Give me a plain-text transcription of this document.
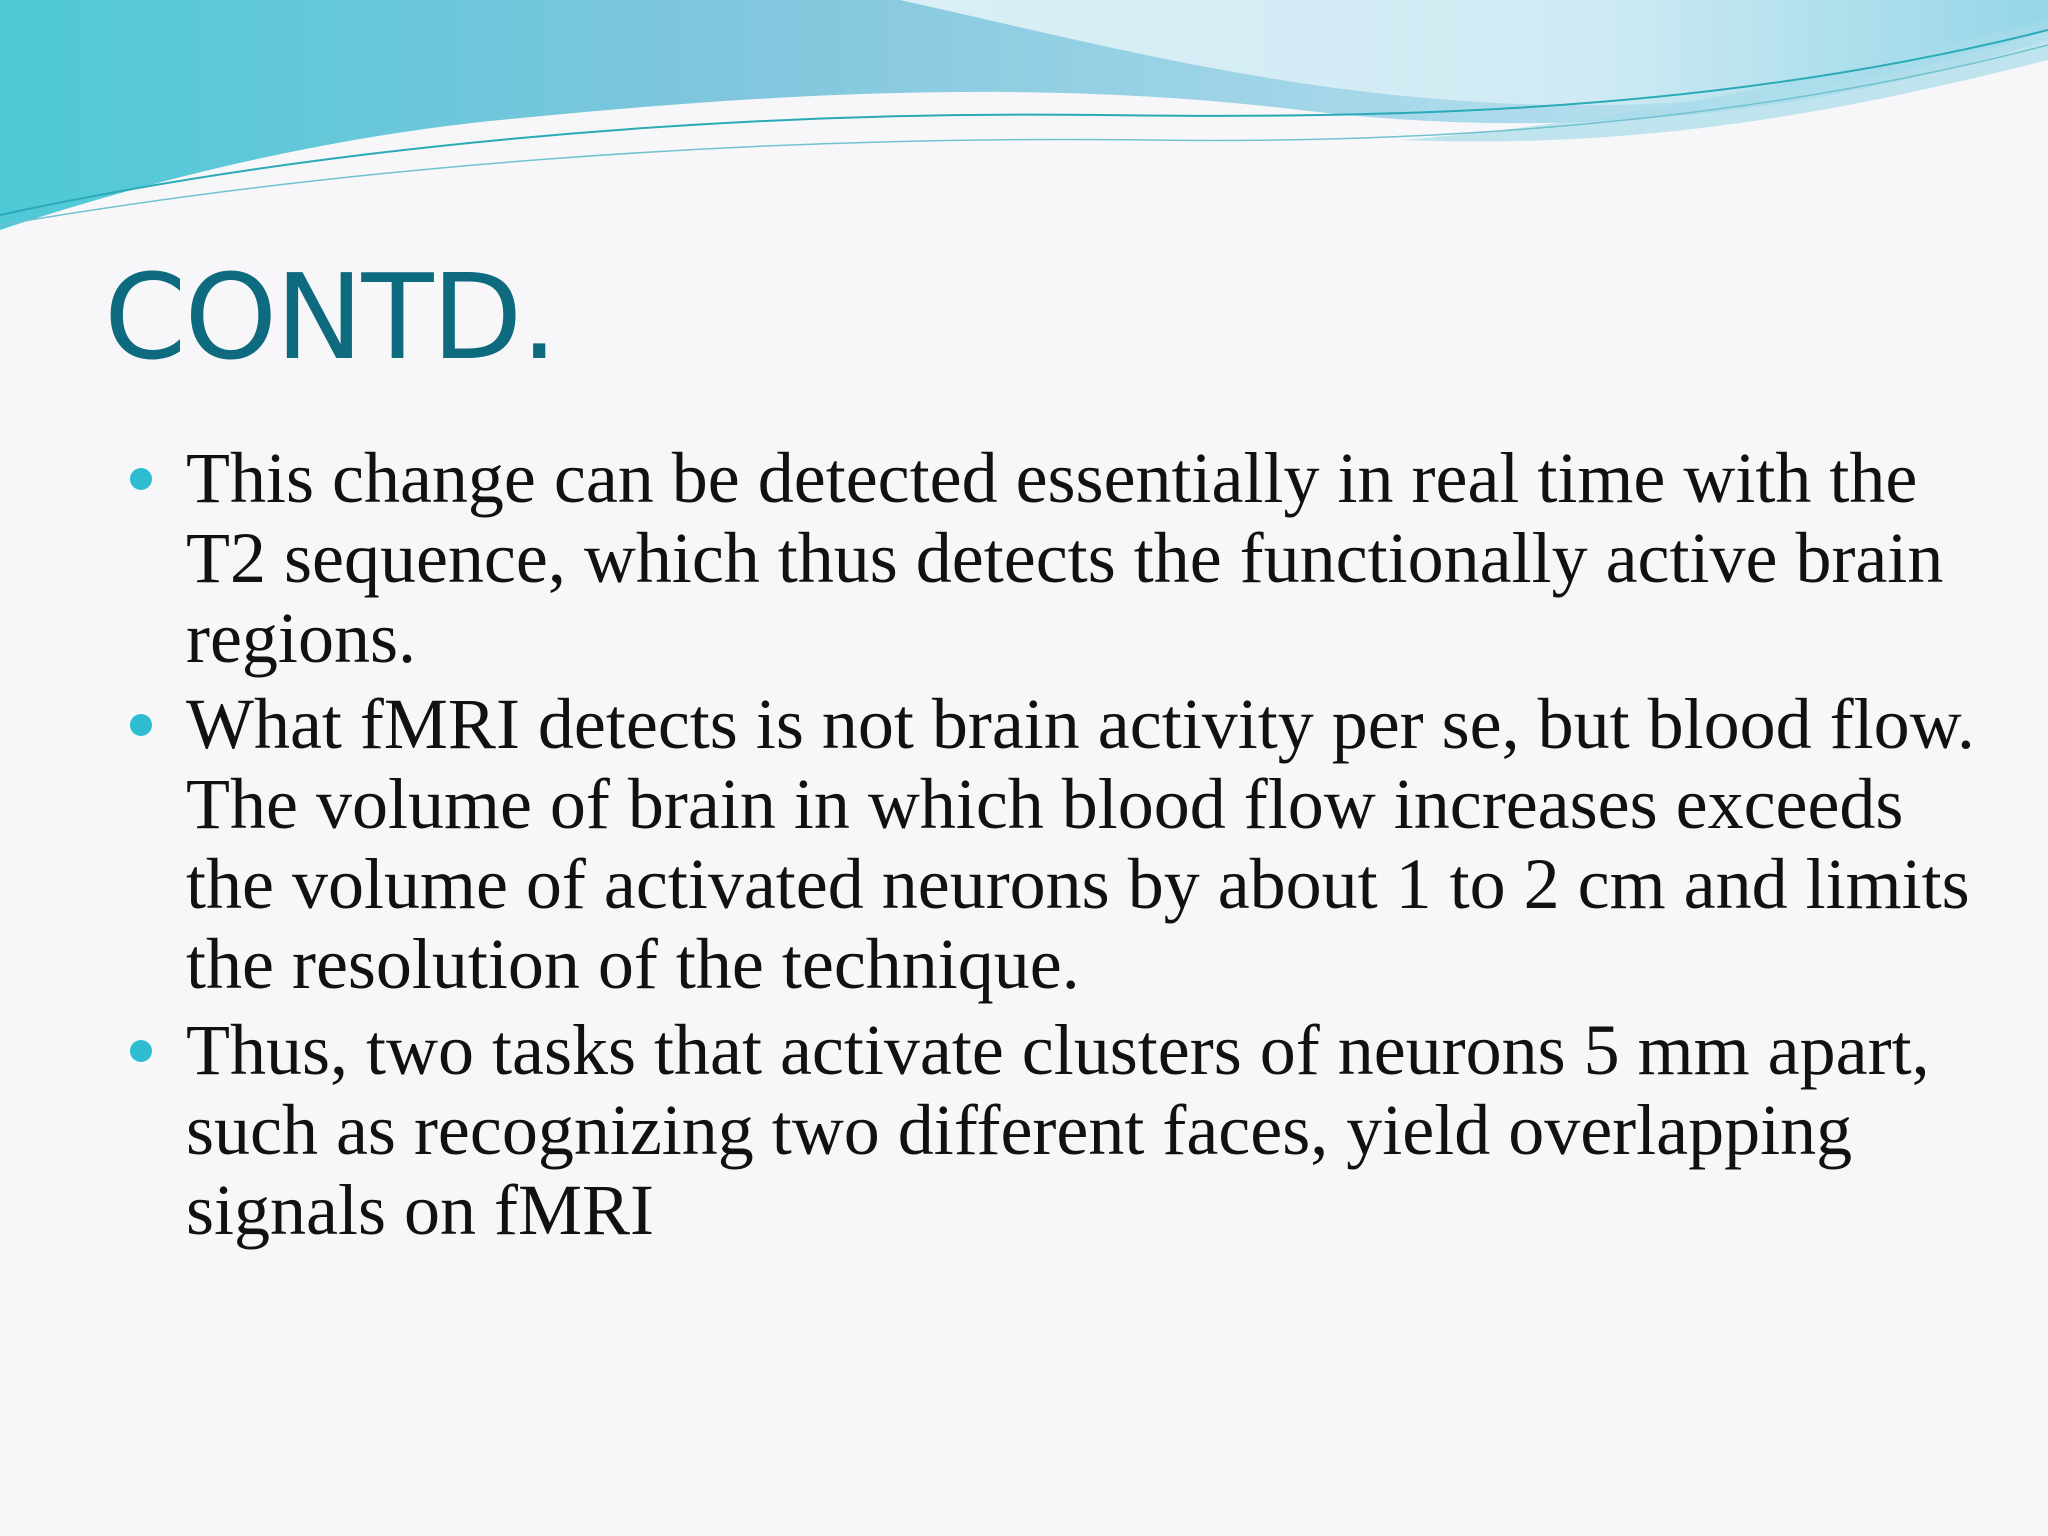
CONTD.
This change can be detected essentially in real time with the T2 sequence, which thus detects the functionally active brain regions.
What fMRI detects is not brain activity per se, but blood flow. The volume of brain in which blood flow increases exceeds the volume of activated neurons by about 1 to 2 cm and limits the resolution of the technique.
Thus, two tasks that activate clusters of neurons 5 mm apart, such as recognizing two different faces, yield overlapping signals on fMRI
